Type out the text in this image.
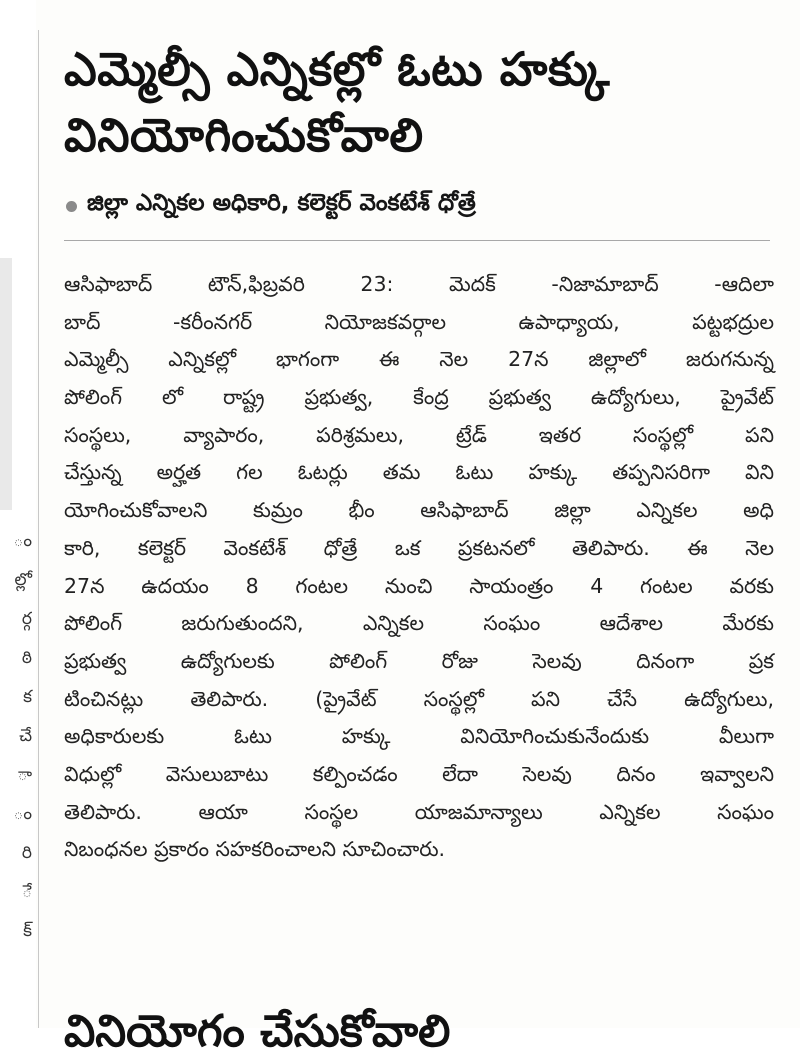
ం
ల్లో
ర్గ
ఠి
క
చే
ా
ం
రి
ే
క్
ఎమ్మెల్సీ ఎన్నికల్లో ఓటు హక్కు
వినియోగించుకోవాలి
జిల్లా ఎన్నికల అధికారి, కలెక్టర్ వెంకటేశ్ ధోత్రే
ఆసిఫాబాద్ టౌన్,ఫిబ్రవరి 23: మెదక్ -నిజామాబాద్ -ఆదిలా
బాద్ -కరీంనగర్ నియోజకవర్గాల ఉపాధ్యాయ, పట్టభద్రుల
ఎమ్మెల్సీ ఎన్నికల్లో భాగంగా ఈ నెల 27న జిల్లాలో జరుగనున్న
పోలింగ్ లో రాష్ట్ర ప్రభుత్వ, కేంద్ర ప్రభుత్వ ఉద్యోగులు, ప్రైవేట్
సంస్థలు, వ్యాపారం, పరిశ్రమలు, ట్రేడ్ ఇతర సంస్థల్లో పని
చేస్తున్న అర్హత గల ఓటర్లు తమ ఓటు హక్కు తప్పనిసరిగా విని
యోగించుకోవాలని కుమ్రం భీం ఆసిఫాబాద్ జిల్లా ఎన్నికల అధి
కారి, కలెక్టర్ వెంకటేశ్ ధోత్రే ఒక ప్రకటనలో తెలిపారు. ఈ నెల
27న ఉదయం 8 గంటల నుంచి సాయంత్రం 4 గంటల వరకు
పోలింగ్ జరుగుతుందని, ఎన్నికల సంఘం ఆదేశాల మేరకు
ప్రభుత్వ ఉద్యోగులకు పోలింగ్ రోజు సెలవు దినంగా ప్రక
టించినట్లు తెలిపారు. (ప్రైవేట్ సంస్థల్లో పని చేసే ఉద్యోగులు,
అధికారులకు ఓటు హక్కు వినియోగించుకునేందుకు వీలుగా
విధుల్లో వెసులుబాటు కల్పించడం లేదా సెలవు దినం ఇవ్వాలని
తెలిపారు. ఆయా సంస్థల యాజమాన్యాలు ఎన్నికల సంఘం
నిబంధనల ప్రకారం సహకరించాలని సూచించారు.
వినియోగం చేసుకోవాలి
